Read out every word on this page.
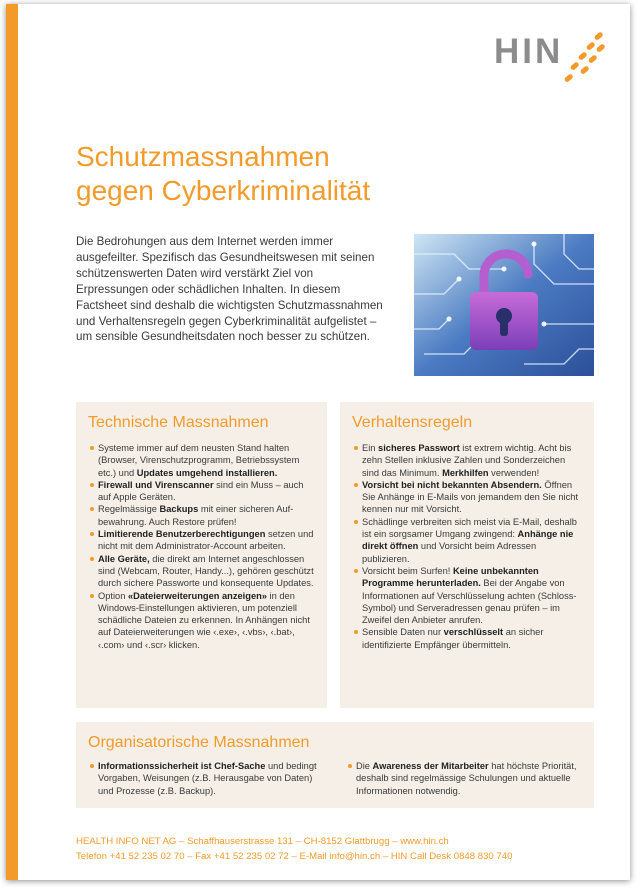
HIN
Schutzmassnahmen
gegen Cyberkriminalität

Die Bedrohungen aus dem Internet werden immer ausgefeilter. Spezifisch das Gesundheitswesen mit seinen schützenswerten Daten wird verstärkt Ziel von Erpressungen oder schädlichen Inhalten. In diesem Factsheet sind deshalb die wichtigsten Schutzmassnahmen und Verhaltensregeln gegen Cyberkriminalität aufgelistet – um sensible Gesundheitsdaten noch besser zu schützen.

Technische Massnahmen
Systeme immer auf dem neusten Stand halten (Browser, Virenschutzprogramm, Betriebssystem etc.) und Updates umgehend installieren.
Firewall und Virenscanner sind ein Muss – auch auf Apple Geräten.
Regelmässige Backups mit einer sicheren Aufbewahrung. Auch Restore prüfen!
Limitierende Benutzerberechtigungen setzen und nicht mit dem Administrator-Account arbeiten.
Alle Geräte, die direkt am Internet angeschlossen sind (Webcam, Router, Handy...), gehören geschützt durch sichere Passworte und konsequente Updates.
Option «Dateierweiterungen anzeigen» in den Windows-Einstellungen aktivieren, um potenziell schädliche Dateien zu erkennen. In Anhängen nicht auf Dateierweiterungen wie ‹.exe›, ‹.vbs›, ‹.bat›, ‹.com› und ‹.scr› klicken.
Verhaltensregeln
Ein sicheres Passwort ist extrem wichtig. Acht bis zehn Stellen inklusive Zahlen und Sonderzeichen sind das Minimum. Merkhilfen verwenden!
Vorsicht bei nicht bekannten Absendern. Öffnen Sie Anhänge in E-Mails von jemandem den Sie nicht kennen nur mit Vorsicht.
Schädlinge verbreiten sich meist via E-Mail, deshalb ist ein sorgsamer Umgang zwingend: Anhänge nie direkt öffnen und Vorsicht beim Adressen publizieren.
Vorsicht beim Surfen! Keine unbekannten Programme herunterladen. Bei der Angabe von Informationen auf Verschlüsselung achten (Schloss-Symbol) und Serveradressen genau prüfen – im Zweifel den Anbieter anrufen.
Sensible Daten nur verschlüsselt an sicher identifizierte Empfänger übermitteln.
Organisatorische Massnahmen

Informationssicherheit ist Chef-Sache und bedingt Vorgaben, Weisungen (z.B. Herausgabe von Daten) und Prozesse (z.B. Backup).

Die Awareness der Mitarbeiter hat höchste Priorität, deshalb sind regelmässige Schulungen und aktuelle Informationen notwendig.

HEALTH INFO NET AG – Schaffhauserstrasse 131 – CH-8152 Glattbrugg – www.hin.ch
Telefon +41 52 235 02 70 – Fax +41 52 235 02 72 – E-Mail info@hin.ch – HIN Call Desk 0848 830 740
